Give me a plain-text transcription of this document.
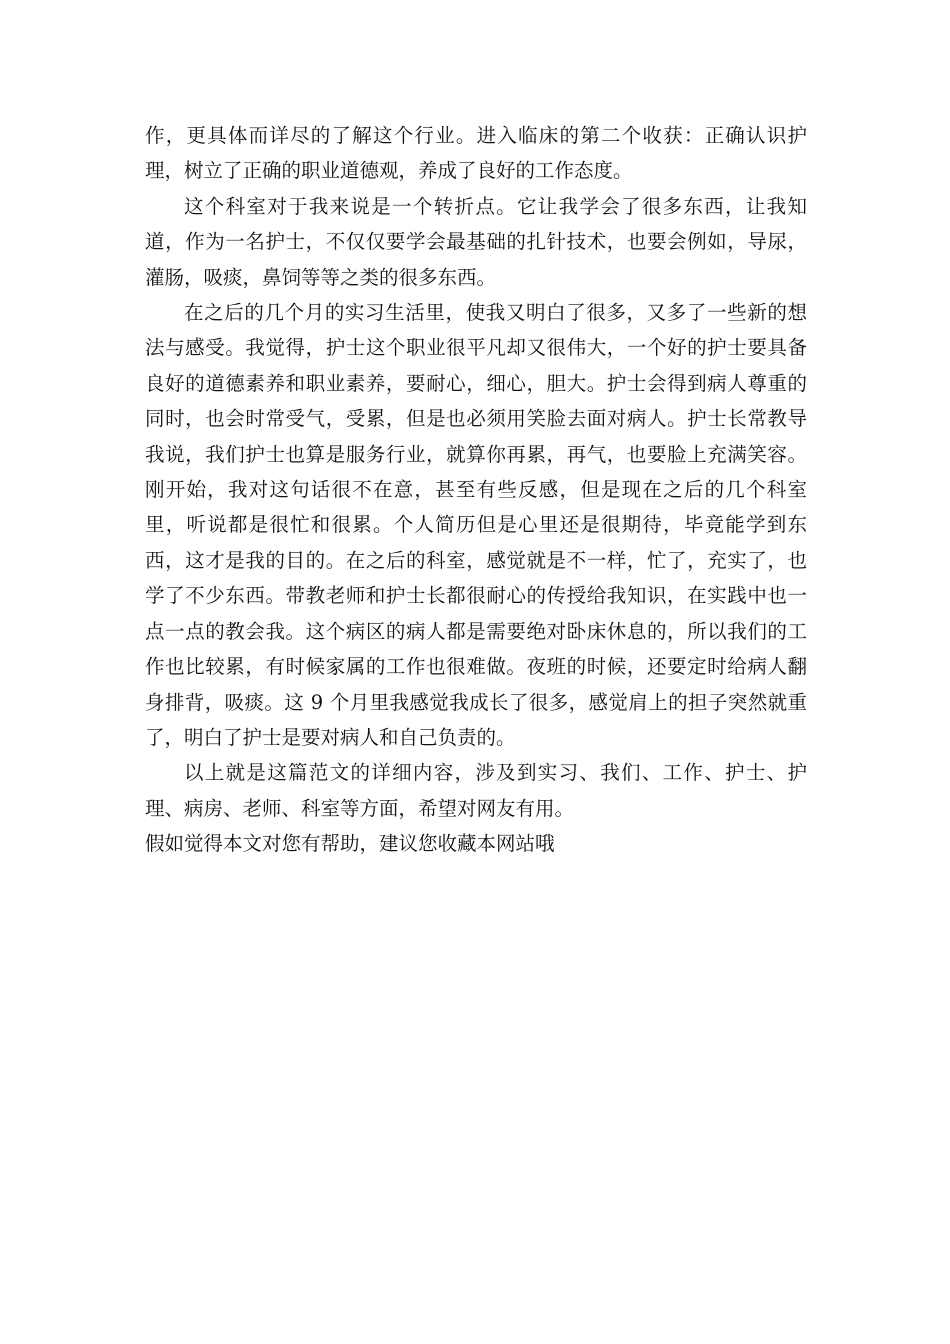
作，更具体而详尽的了解这个行业。进入临床的第二个收获：正确认识护理，树立了正确的职业道德观，养成了良好的工作态度。

这个科室对于我来说是一个转折点。它让我学会了很多东西，让我知道，作为一名护士，不仅仅要学会最基础的扎针技术，也要会例如，导尿，灌肠，吸痰，鼻饲等等之类的很多东西。

在之后的几个月的实习生活里，使我又明白了很多，又多了一些新的想法与感受。我觉得，护士这个职业很平凡却又很伟大，一个好的护士要具备良好的道德素养和职业素养，要耐心，细心，胆大。护士会得到病人尊重的同时，也会时常受气，受累，但是也必须用笑脸去面对病人。护士长常教导我说，我们护士也算是服务行业，就算你再累，再气，也要脸上充满笑容。刚开始，我对这句话很不在意，甚至有些反感，但是现在之后的几个科室里，听说都是很忙和很累。个人简历但是心里还是很期待，毕竟能学到东西，这才是我的目的。在之后的科室，感觉就是不一样，忙了，充实了，也学了不少东西。带教老师和护士长都很耐心的传授给我知识，在实践中也一点一点的教会我。这个病区的病人都是需要绝对卧床休息的，所以我们的工作也比较累，有时候家属的工作也很难做。夜班的时候，还要定时给病人翻身排背，吸痰。这 9 个月里我感觉我成长了很多，感觉肩上的担子突然就重了，明白了护士是要对病人和自己负责的。

以上就是这篇范文的详细内容，涉及到实习、我们、工作、护士、护理、病房、老师、科室等方面，希望对网友有用。

假如觉得本文对您有帮助，建议您收藏本网站哦
